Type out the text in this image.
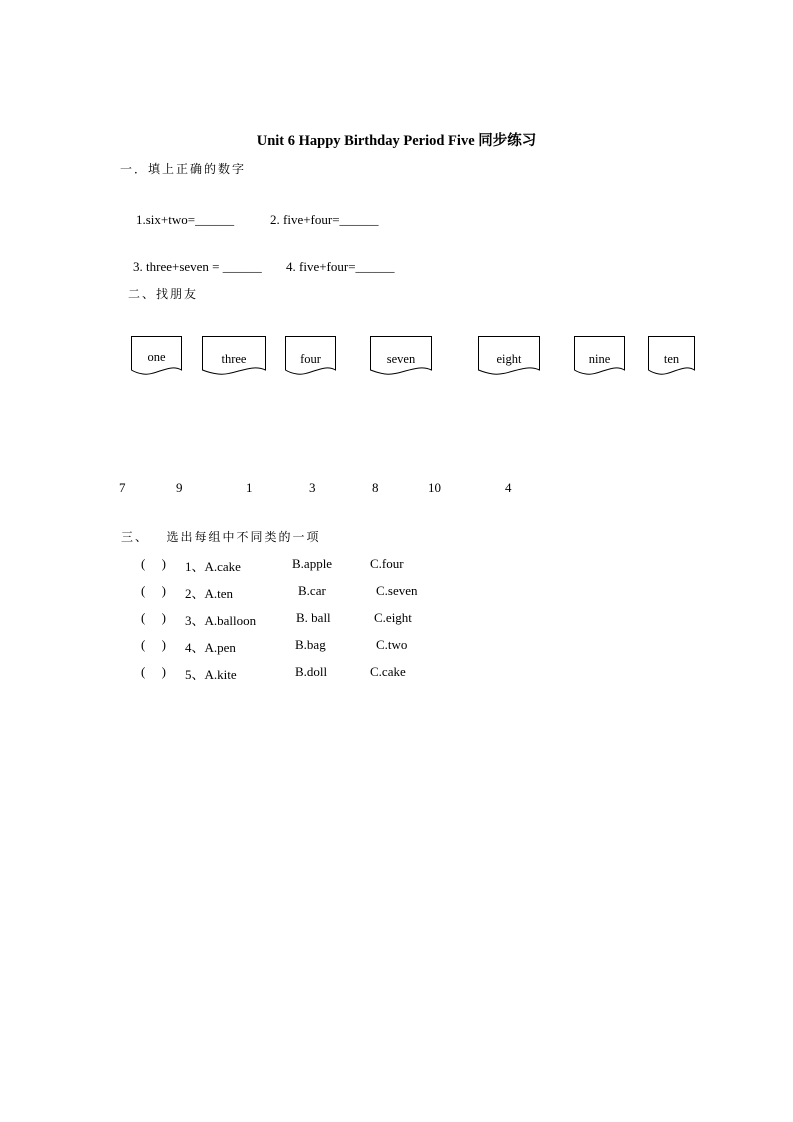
Unit 6 Happy Birthday Period Five 同步练习
一．填上正确的数字
1.six+two=______	2. five+four=______
3. three+seven = ______ 4. five+four=______
二、找朋友
one	three	four	seven	eight	nine	ten
7	9	1	3	8	10	4
三、   选出每组中不同类的一项
(     ) 1、A.cake	B.apple	C.four
(     ) 2、A.ten	B.car	C.seven
(     ) 3、A.balloon	B. ball	C.eight
(     ) 4、A.pen	B.bag	C.two
(     ) 5、A.kite	B.doll	C.cake
